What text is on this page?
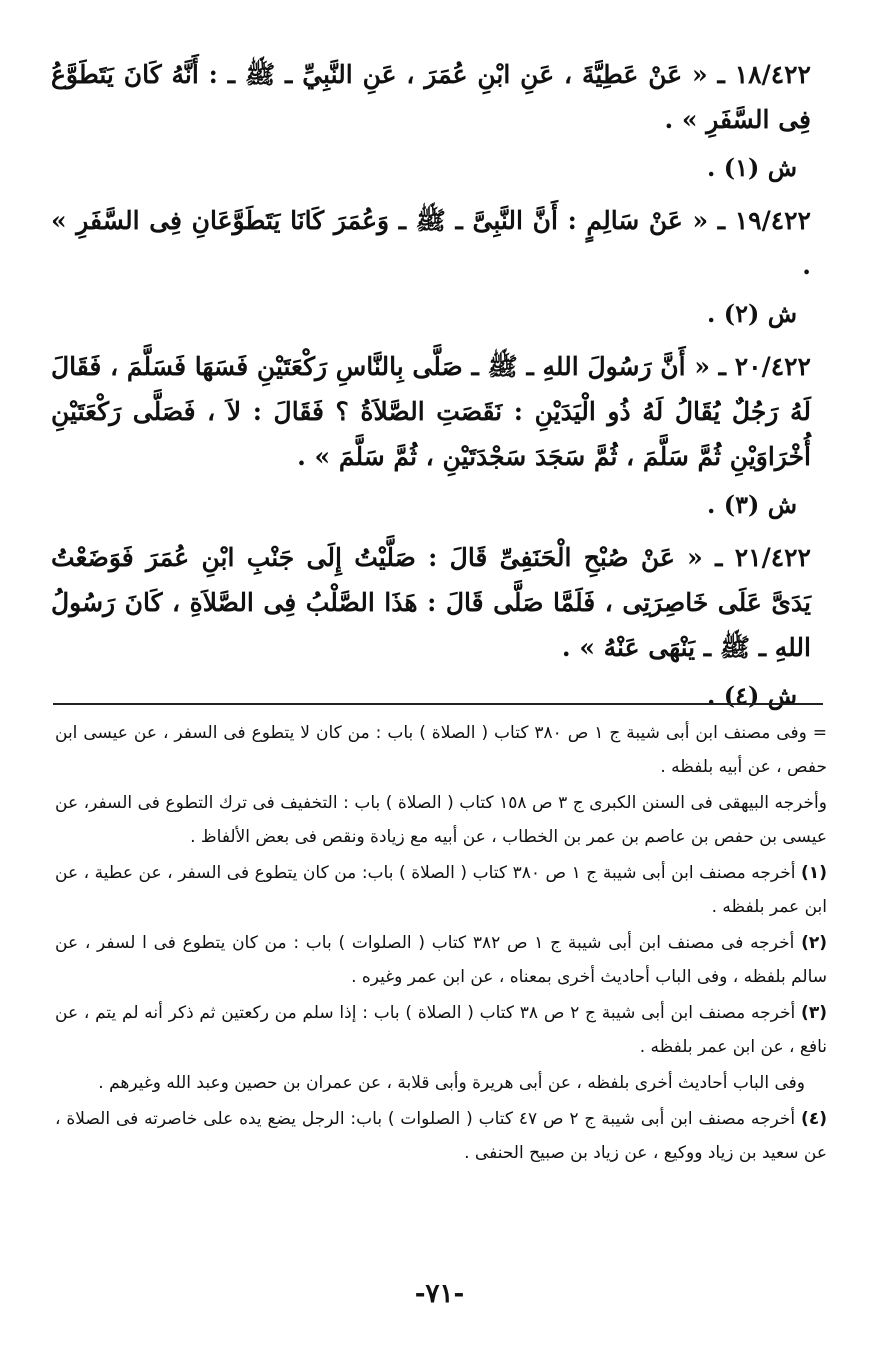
١٨/٤٢٢ ـ « عَنْ عَطِيَّةَ ، عَنِ ابْنِ عُمَرَ ، عَنِ النَّبِيِّ ـ ﷺ ـ : أَنَّهُ كَانَ يَتَطَوَّعُ فِى السَّفَرِ » .

ش (١) .

١٩/٤٢٢ ـ « عَنْ سَالِمٍ : أَنَّ النَّبِىَّ ـ ﷺ ـ وَعُمَرَ كَانَا يَتَطَوَّعَانِ فِى السَّفَرِ » .

ش (٢) .

٢٠/٤٢٢ ـ « أَنَّ رَسُولَ اللهِ ـ ﷺ ـ صَلَّى بِالنَّاسِ رَكْعَتَيْنِ فَسَهَا فَسَلَّمَ ، فَقَالَ لَهُ رَجُلٌ يُقَالُ لَهُ ذُو الْيَدَيْنِ : نَقَصَتِ الصَّلاَةُ ؟ فَقَالَ : لاَ ، فَصَلَّى رَكْعَتَيْنِ أُخْرَاوَيْنِ ثُمَّ سَلَّمَ ، ثُمَّ سَجَدَ سَجْدَتَيْنِ ، ثُمَّ سَلَّمَ » .

ش (٣) .

٢١/٤٢٢ ـ « عَنْ صُبْحِ الْحَنَفِىِّ قَالَ : صَلَّيْتُ إِلَى جَنْبِ ابْنِ عُمَرَ فَوَضَعْتُ يَدَىَّ عَلَى خَاصِرَتِى ، فَلَمَّا صَلَّى قَالَ : هَذَا الصَّلْبُ فِى الصَّلاَةِ ، كَانَ رَسُولُ اللهِ ـ ﷺ ـ يَنْهَى عَنْهُ » .

ش (٤) .

= وفى مصنف ابن أبى شيبة ج ١ ص ٣٨٠ كتاب ( الصلاة ) باب : من كان لا يتطوع فى السفر ، عن عيسى ابن حفص ، عن أبيه بلفظه .

وأخرجه البيهقى فى السنن الكبرى ج ٣ ص ١٥٨ كتاب ( الصلاة ) باب : التخفيف فى ترك التطوع فى السفر، عن عيسى بن حفص بن عاصم بن عمر بن الخطاب ، عن أبيه مع زيادة ونقص فى بعض الألفاظ .

(١) أخرجه مصنف ابن أبى شيبة ج ١ ص ٣٨٠ كتاب ( الصلاة ) باب: من كان يتطوع فى السفر ، عن عطية ، عن ابن عمر بلفظه .

(٢) أخرجه فى مصنف ابن أبى شيبة ج ١ ص ٣٨٢ كتاب ( الصلوات ) باب : من كان يتطوع فى ا لسفر ، عن سالم بلفظه ، وفى الباب أحاديث أخرى بمعناه ، عن ابن عمر وغيره .

(٣) أخرجه مصنف ابن أبى شيبة ج ٢ ص ٣٨ كتاب ( الصلاة ) باب : إذا سلم من ركعتين ثم ذكر أنه لم يتم ، عن نافع ، عن ابن عمر بلفظه .

وفى الباب أحاديث أخرى بلفظه ، عن أبى هريرة وأبى قلابة ، عن عمران بن حصين وعبد الله وغيرهم .

(٤) أخرجه مصنف ابن أبى شيبة ج ٢ ص ٤٧ كتاب ( الصلوات ) باب: الرجل يضع يده على خاصرته فى الصلاة ، عن سعيد بن زياد ووكيع ، عن زياد بن صبيح الحنفى .

-٧١-
